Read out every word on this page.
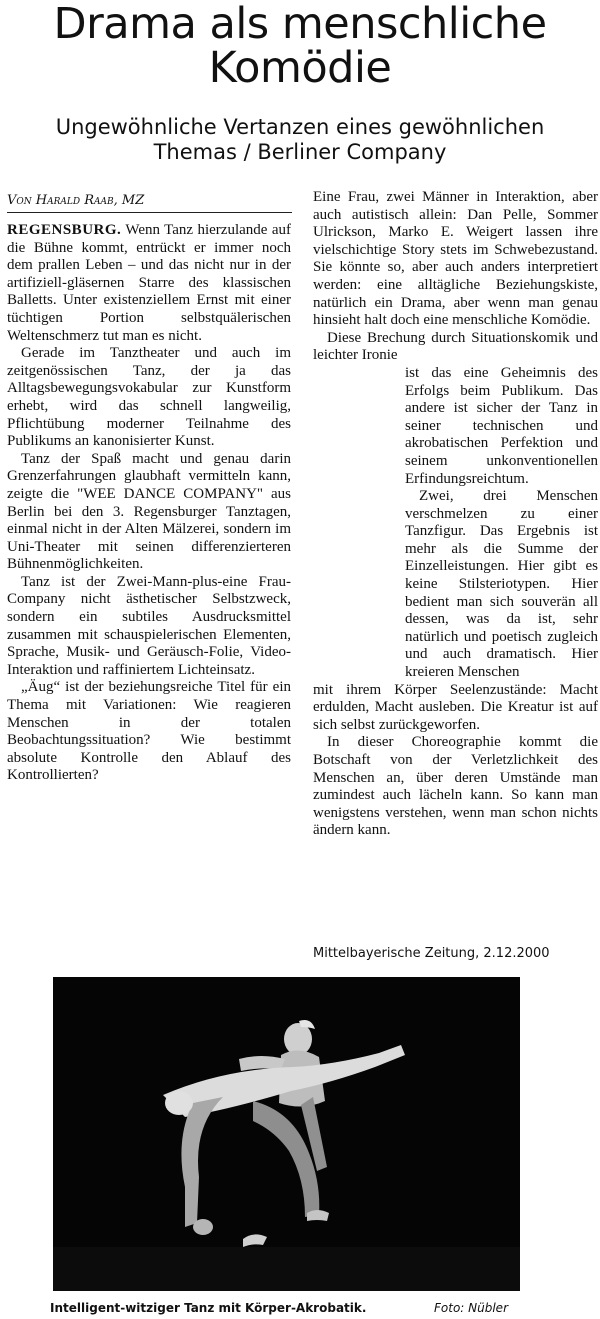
Drama als menschliche
Komödie
Ungewöhnliche Vertanzen eines gewöhnlichen
Themas / Berliner Company
Von Harald Raab, MZ

REGENSBURG. Wenn Tanz hierzulande auf die Bühne kommt, entrückt er immer noch dem prallen Leben – und das nicht nur in der artifiziell-gläsernen Starre des klassischen Balletts. Unter existenziellem Ernst mit einer tüchtigen Portion selbstquälerischen Weltenschmerz tut man es nicht.

Gerade im Tanztheater und auch im zeitgenössischen Tanz, der ja das Alltagsbewegungsvokabular zur Kunstform erhebt, wird das schnell langweilig, Pflichtübung moderner Teilnahme des Publikums an kanonisierter Kunst.

Tanz der Spaß macht und genau darin Grenzerfahrungen glaubhaft vermitteln kann, zeigte die "WEE DANCE COMPANY" aus Berlin bei den 3. Regensburger Tanztagen, einmal nicht in der Alten Mälzerei, sondern im Uni-Theater mit seinen differenzierteren Bühnenmöglichkeiten.

Tanz ist der Zwei-Mann-plus-eine Frau-Company nicht ästhetischer Selbstzweck, sondern ein subtiles Ausdrucksmittel zusammen mit schauspielerischen Elementen, Sprache, Musik- und Geräusch-Folie, Video-Interaktion und raffiniertem Lichteinsatz.

„Äug“ ist der beziehungsreiche Titel für ein Thema mit Variationen: Wie reagieren Menschen in der totalen Beobachtungssituation? Wie bestimmt absolute Kontrolle den Ablauf des Kontrollierten?

Eine Frau, zwei Männer in Interaktion, aber auch autistisch allein: Dan Pelle, Sommer Ulrickson, Marko E. Weigert lassen ihre vielschichtige Story stets im Schwebezustand. Sie könnte so, aber auch anders interpretiert werden: eine alltägliche Beziehungskiste, natürlich ein Drama, aber wenn man genau hinsieht halt doch eine menschliche Komödie.

Diese Brechung durch Situationskomik und leichter Ironie

ist das eine Geheimnis des Erfolgs beim Publikum. Das andere ist sicher der Tanz in seiner technischen und akrobatischen Perfektion und seinem unkonventionellen Erfindungsreichtum.

Zwei, drei Menschen verschmelzen zu einer Tanzfigur. Das Ergebnis ist mehr als die Summe der Einzelleistungen. Hier gibt es keine Stilsteriotypen. Hier bedient man sich souverän all dessen, was da ist, sehr natürlich und poetisch zugleich und auch dramatisch. Hier kreieren Menschen

mit ihrem Körper Seelenzustände: Macht erdulden, Macht ausleben. Die Kreatur ist auf sich selbst zurückgeworfen.

In dieser Choreographie kommt die Botschaft von der Verletzlichkeit des Menschen an, über deren Umstände man zumindest auch lächeln kann. So kann man wenigstens verstehen, wenn man schon nichts ändern kann.

Mittelbayerische Zeitung, 2.12.2000
Intelligent-witziger Tanz mit Körper-Akrobatik.	Foto: Nübler
